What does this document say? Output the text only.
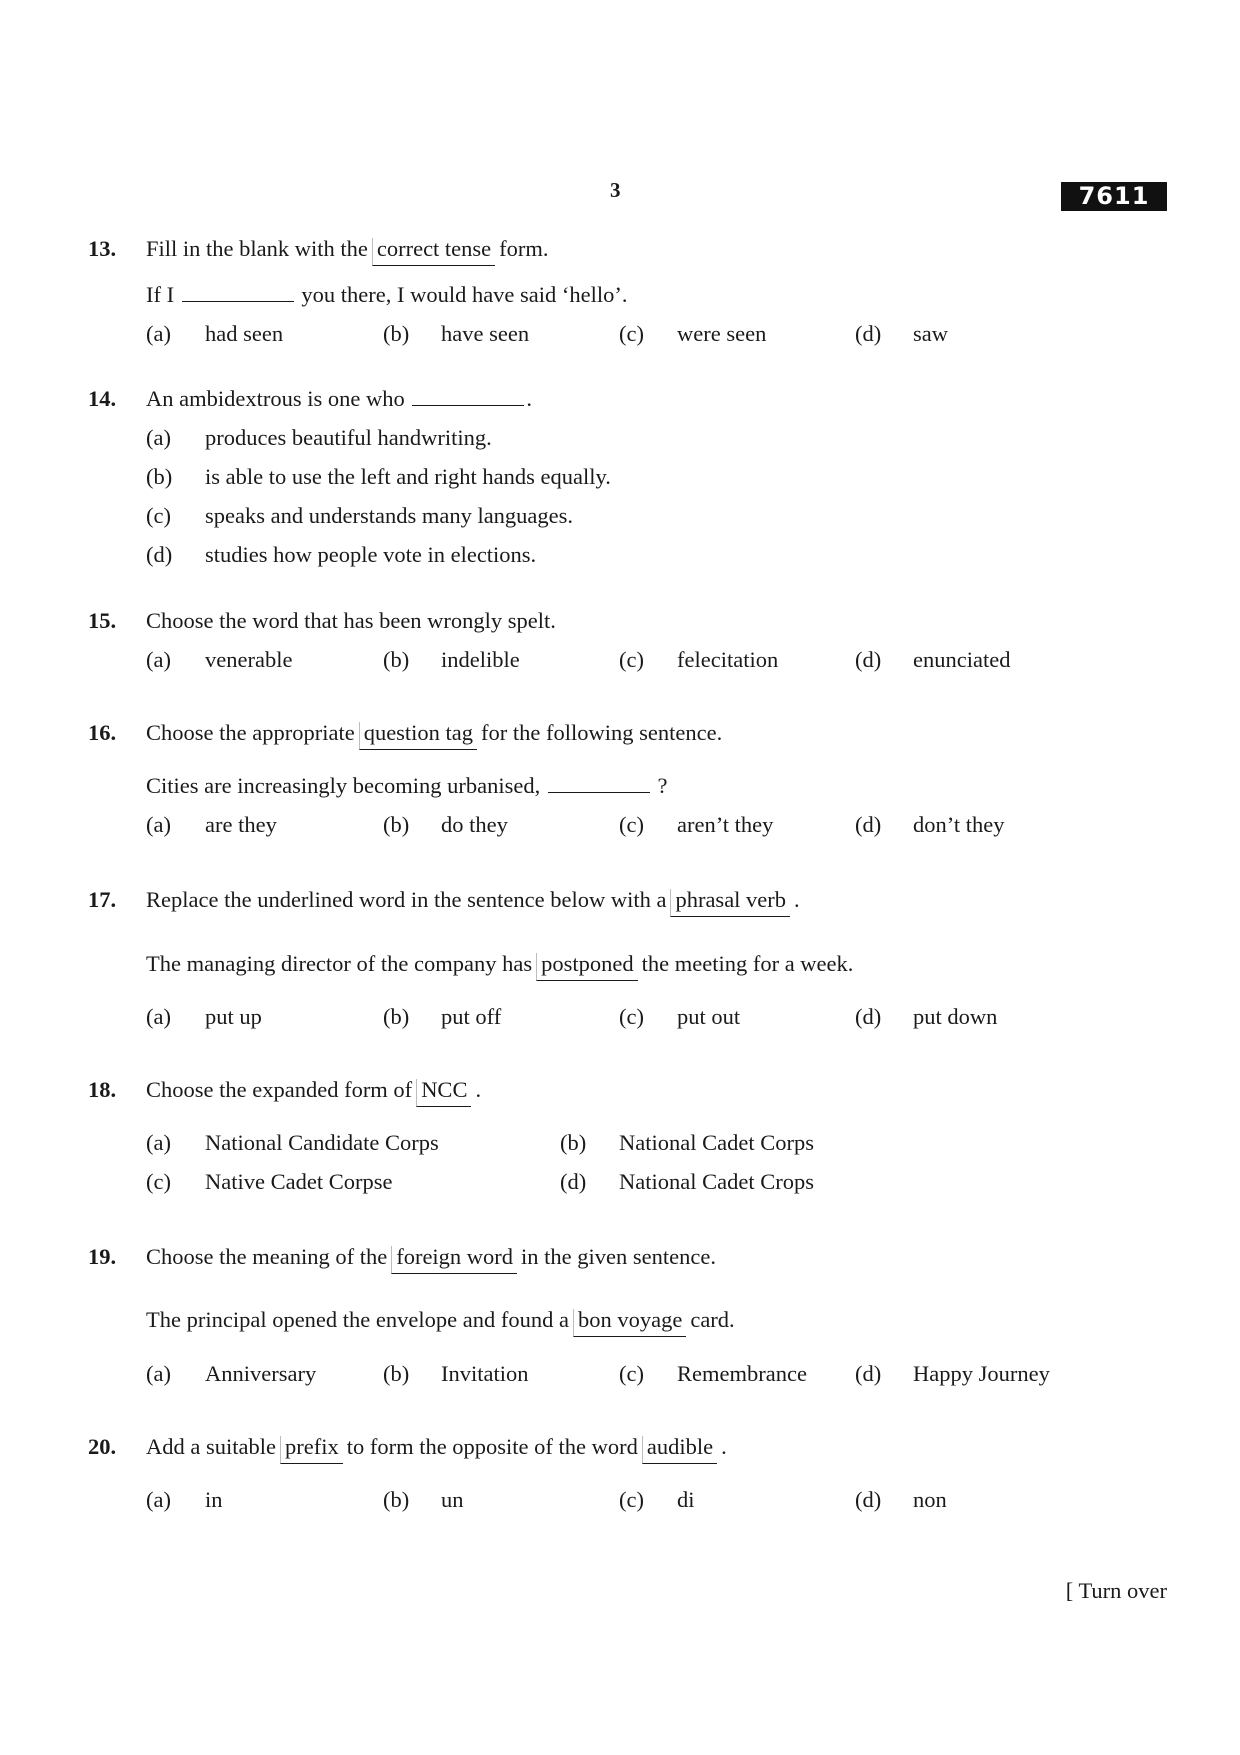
3	7611
13. Fill in the blank with the correct tense form.
If I	you there, I would have said ‘hello’.
(a) had seen	(b) have seen	(c) were seen	(d) saw
14. An ambidextrous is one who	.
(a) produces beautiful handwriting.
(b) is able to use the left and right hands equally.
(c) speaks and understands many languages.
(d) studies how people vote in elections.
15. Choose the word that has been wrongly spelt.
(a) venerable	(b) indelible	(c) felecitation	(d) enunciated
16. Choose the appropriate question tag for the following sentence.
Cities are increasingly becoming urbanised,	?
(a) are they	(b) do they	(c) aren’t they	(d) don’t they
17. Replace the underlined word in the sentence below with a phrasal verb .
The managing director of the company has postponed the meeting for a week.
(a) put up	(b) put off	(c) put out	(d) put down
18. Choose the expanded form of NCC .
(a) National Candidate Corps	(b) National Cadet Corps
(c) Native Cadet Corpse	(d) National Cadet Crops
19. Choose the meaning of the foreign word in the given sentence.
The principal opened the envelope and found a bon voyage card.
(a) Anniversary	(b) Invitation	(c) Remembrance (d) Happy Journey
20. Add a suitable prefix to form the opposite of the word audible .
(a) in	(b) un	(c) di	(d) non
[ Turn over
